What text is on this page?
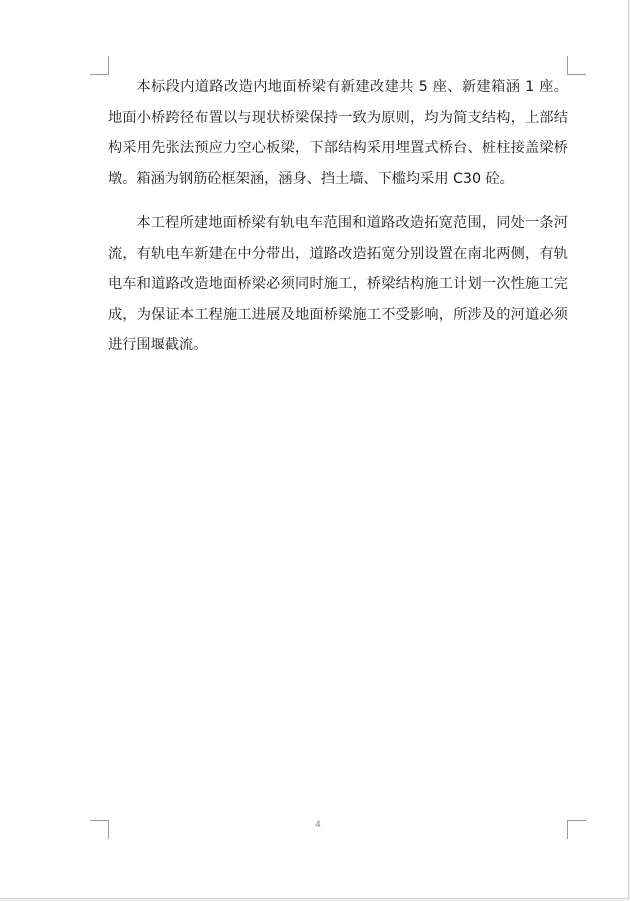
本标段内道路改造内地面桥梁有新建改建共 5 座、新建箱涵 1 座。地面小桥跨径布置以与现状桥梁保持一致为原则，均为简支结构，上部结构采用先张法预应力空心板梁，下部结构采用埋置式桥台、桩柱接盖梁桥墩。箱涵为钢筋砼框架涵，涵身、挡土墙、下槛均采用 C30 砼。

本工程所建地面桥梁有轨电车范围和道路改造拓宽范围，同处一条河流，有轨电车新建在中分带出，道路改造拓宽分别设置在南北两侧，有轨电车和道路改造地面桥梁必须同时施工，桥梁结构施工计划一次性施工完成，为保证本工程施工进展及地面桥梁施工不受影响，所涉及的河道必须进行围堰截流。

4
